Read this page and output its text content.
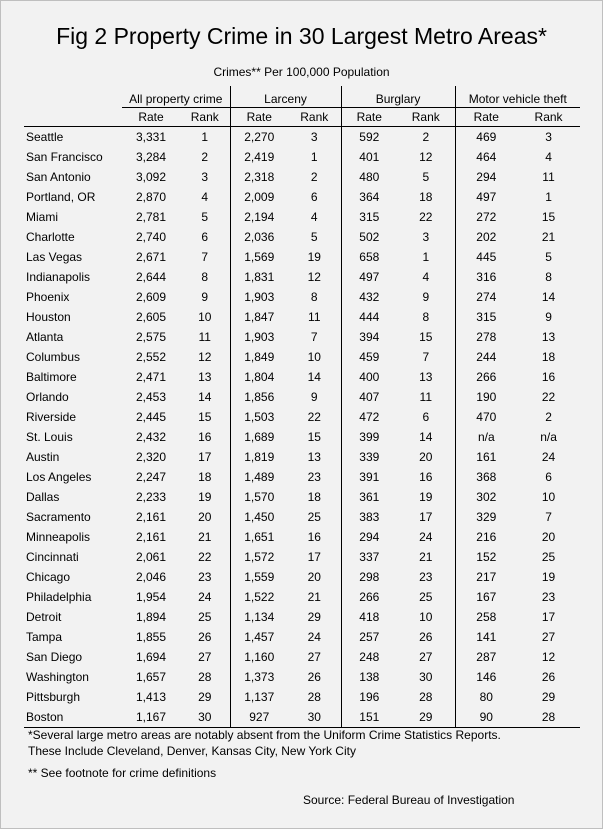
Fig 2 Property Crime in 30 Largest Metro Areas*
Crimes** Per 100,000 Population
	All property crime		Larceny		Burglary		Motor vehicle theft	
	Rate	Rank	Rate	Rank	Rate	Rank	Rate	Rank
Seattle	3,331	1	2,270	3	592	2	469	3
San Francisco	3,284	2	2,419	1	401	12	464	4
San Antonio	3,092	3	2,318	2	480	5	294	11
Portland, OR	2,870	4	2,009	6	364	18	497	1
Miami	2,781	5	2,194	4	315	22	272	15
Charlotte	2,740	6	2,036	5	502	3	202	21
Las Vegas	2,671	7	1,569	19	658	1	445	5
Indianapolis	2,644	8	1,831	12	497	4	316	8
Phoenix	2,609	9	1,903	8	432	9	274	14
Houston	2,605	10	1,847	11	444	8	315	9
Atlanta	2,575	11	1,903	7	394	15	278	13
Columbus	2,552	12	1,849	10	459	7	244	18
Baltimore	2,471	13	1,804	14	400	13	266	16
Orlando	2,453	14	1,856	9	407	11	190	22
Riverside	2,445	15	1,503	22	472	6	470	2
St. Louis	2,432	16	1,689	15	399	14	n/a	n/a
Austin	2,320	17	1,819	13	339	20	161	24
Los Angeles	2,247	18	1,489	23	391	16	368	6
Dallas	2,233	19	1,570	18	361	19	302	10
Sacramento	2,161	20	1,450	25	383	17	329	7
Minneapolis	2,161	21	1,651	16	294	24	216	20
Cincinnati	2,061	22	1,572	17	337	21	152	25
Chicago	2,046	23	1,559	20	298	23	217	19
Philadelphia	1,954	24	1,522	21	266	25	167	23
Detroit	1,894	25	1,134	29	418	10	258	17
Tampa	1,855	26	1,457	24	257	26	141	27
San Diego	1,694	27	1,160	27	248	27	287	12
Washington	1,657	28	1,373	26	138	30	146	26
Pittsburgh	1,413	29	1,137	28	196	28	80	29
Boston	1,167	30	927	30	151	29	90	28
*Several large metro areas are notably absent from the Uniform Crime Statistics Reports.
These Include Cleveland, Denver, Kansas City, New York City
** See footnote for crime definitions
Source: Federal Bureau of Investigation
